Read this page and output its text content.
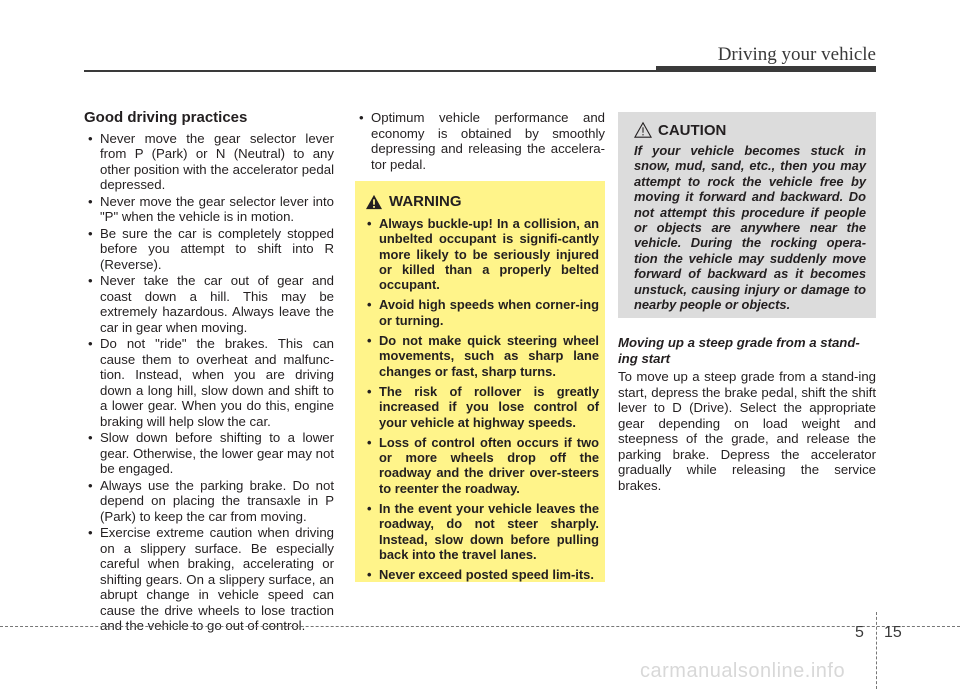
Driving your vehicle
Good driving practices
• Never move the gear selector lever from P (Park) or N (Neutral) to any other position with the accelerator pedal depressed.
• Never move the gear selector lever into "P" when the vehicle is in motion.
• Be sure the car is completely stopped before you attempt to shift into R (Reverse).
• Never take the car out of gear and coast down a hill. This may be extremely hazardous. Always leave the car in gear when moving.
• Do not "ride" the brakes. This can cause them to overheat and malfunc-tion. Instead, when you are driving down a long hill, slow down and shift to a lower gear. When you do this, engine braking will help slow the car.
• Slow down before shifting to a lower gear. Otherwise, the lower gear may not be engaged.
• Always use the parking brake. Do not depend on placing the transaxle in P (Park) to keep the car from moving.
• Exercise extreme caution when driving on a slippery surface. Be especially careful when braking, accelerating or shifting gears. On a slippery surface, an abrupt change in vehicle speed can cause the drive wheels to lose traction and the vehicle to go out of control.
• Optimum vehicle performance and economy is obtained by smoothly depressing and releasing the accelera-tor pedal.
WARNING
• Always buckle-up! In a collision, an unbelted occupant is signifi-cantly more likely to be seriously injured or killed than a properly belted occupant.
• Avoid high speeds when corner-ing or turning.
• Do not make quick steering wheel movements, such as sharp lane changes or fast, sharp turns.
• The risk of rollover is greatly increased if you lose control of your vehicle at highway speeds.
• Loss of control often occurs if two or more wheels drop off the roadway and the driver over-steers to reenter the roadway.
• In the event your vehicle leaves the roadway, do not steer sharply. Instead, slow down before pulling back into the travel lanes.
• Never exceed posted speed lim-its.
CAUTION
If your vehicle becomes stuck in snow, mud, sand, etc., then you may attempt to rock the vehicle free by moving it forward and backward. Do not attempt this procedure if people or objects are anywhere near the vehicle. During the rocking opera-tion the vehicle may suddenly move forward of backward as it becomes unstuck, causing injury or damage to nearby people or objects.
Moving up a steep grade from a stand-ing start
To move up a steep grade from a stand-ing start, depress the brake pedal, shift the shift lever to D (Drive). Select the appropriate gear depending on load weight and steepness of the grade, and release the parking brake. Depress the accelerator gradually while releasing the service brakes.
5 15
carmanualsonline.info
